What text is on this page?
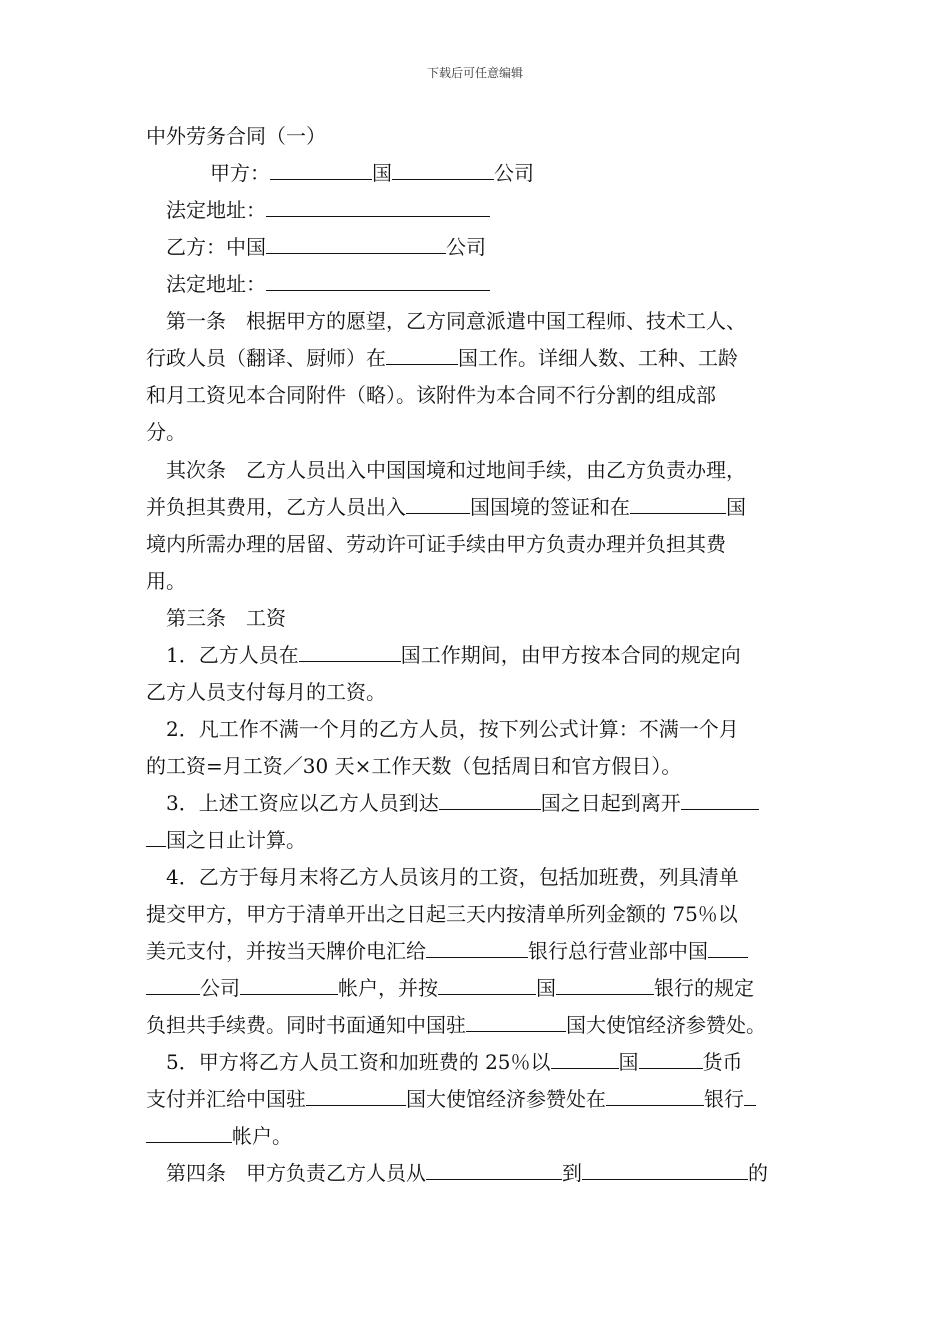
下载后可任意编辑
中外劳务合同（一）
甲方：	国	公司
法定地址：
乙方：中国	公司
法定地址：
第一条　根据甲方的愿望，乙方同意派遣中国工程师、技术工人、
行政人员（翻译、厨师）在	国工作。详细人数、工种、工龄
和月工资见本合同附件（略）。该附件为本合同不行分割的组成部
分。
其次条　乙方人员出入中国国境和过地间手续，由乙方负责办理，
并负担其费用，乙方人员出入	国国境的签证和在	国
境内所需办理的居留、劳动许可证手续由甲方负责办理并负担其费
用。
第三条　工资
1．乙方人员在	国工作期间，由甲方按本合同的规定向
乙方人员支付每月的工资。
2．凡工作不满一个月的乙方人员，按下列公式计算：不满一个月
的工资=月工资／30 天×工作天数（包括周日和官方假日）。
3．上述工资应以乙方人员到达	国之日起到离开
国之日止计算。
4．乙方于每月末将乙方人员该月的工资，包括加班费，列具清单
提交甲方，甲方于清单开出之日起三天内按清单所列金额的 75％以
美元支付，并按当天牌价电汇给	银行总行营业部中国
公司	帐户，并按	国	银行的规定
负担共手续费。同时书面通知中国驻	国大使馆经济参赞处。
5．甲方将乙方人员工资和加班费的 25％以	国	货币
支付并汇给中国驻	国大使馆经济参赞处在	银行
帐户。
第四条　甲方负责乙方人员从	到	的
